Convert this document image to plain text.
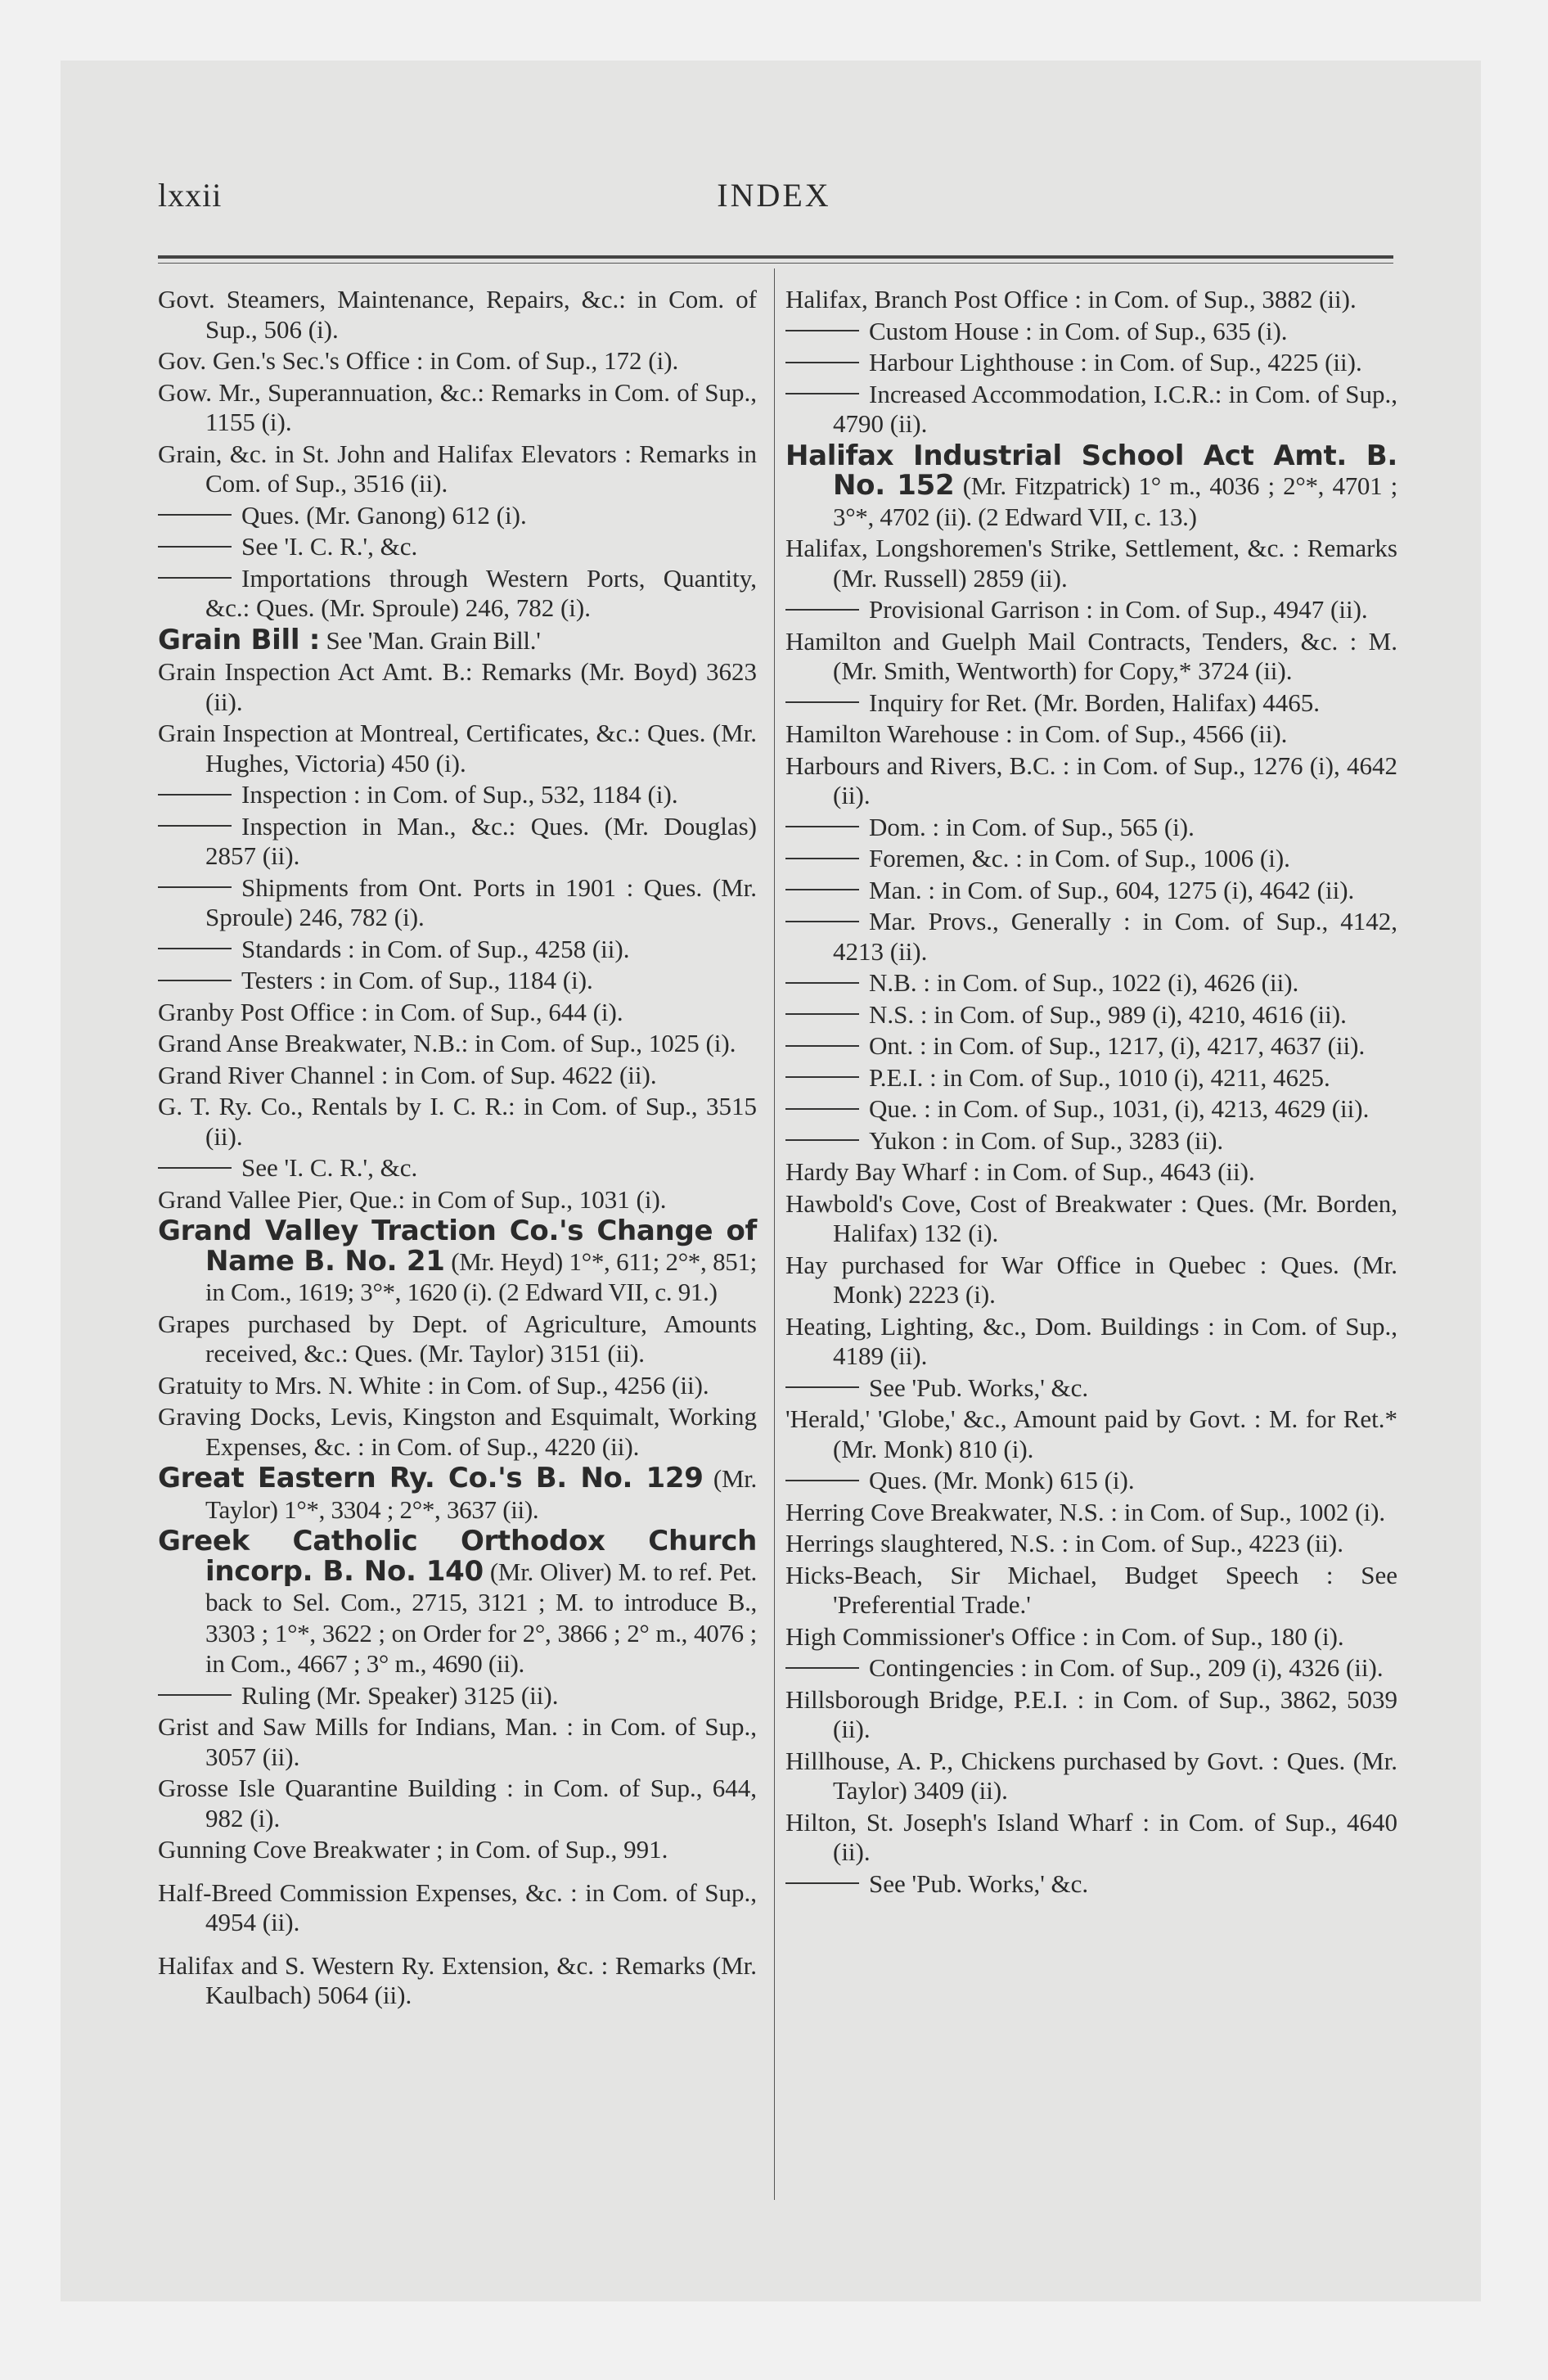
lxxii	INDEX
Govt. Steamers, Maintenance, Repairs, &c.: in Com. of Sup., 506 (i).
Gov. Gen.'s Sec.'s Office : in Com. of Sup., 172 (i).
Gow. Mr., Superannuation, &c.: Remarks in Com. of Sup., 1155 (i).
Grain, &c. in St. John and Halifax Elevators : Remarks in Com. of Sup., 3516 (ii).
Ques. (Mr. Ganong) 612 (i).
See 'I. C. R.', &c.
Importations through Western Ports, Quantity, &c.: Ques. (Mr. Sproule) 246, 782 (i).
Grain Bill : See 'Man. Grain Bill.'
Grain Inspection Act Amt. B.: Remarks (Mr. Boyd) 3623 (ii).
Grain Inspection at Montreal, Certificates, &c.: Ques. (Mr. Hughes, Victoria) 450 (i).
Inspection : in Com. of Sup., 532, 1184 (i).
Inspection in Man., &c.: Ques. (Mr. Douglas) 2857 (ii).
Shipments from Ont. Ports in 1901 : Ques. (Mr. Sproule) 246, 782 (i).
Standards : in Com. of Sup., 4258 (ii).
Testers : in Com. of Sup., 1184 (i).
Granby Post Office : in Com. of Sup., 644 (i).
Grand Anse Breakwater, N.B.: in Com. of Sup., 1025 (i).
Grand River Channel : in Com. of Sup. 4622 (ii).
G. T. Ry. Co., Rentals by I. C. R.: in Com. of Sup., 3515 (ii).
See 'I. C. R.', &c.
Grand Vallee Pier, Que.: in Com of Sup., 1031 (i).
Grand Valley Traction Co.'s Change of Name B. No. 21 (Mr. Heyd) 1°*, 611; 2°*, 851; in Com., 1619; 3°*, 1620 (i). (2 Edward VII, c. 91.)
Grapes purchased by Dept. of Agriculture, Amounts received, &c.: Ques. (Mr. Taylor) 3151 (ii).
Gratuity to Mrs. N. White : in Com. of Sup., 4256 (ii).
Graving Docks, Levis, Kingston and Esquimalt, Working Expenses, &c. : in Com. of Sup., 4220 (ii).
Great Eastern Ry. Co.'s B. No. 129 (Mr. Taylor) 1°*, 3304 ; 2°*, 3637 (ii).
Greek Catholic Orthodox Church incorp. B. No. 140 (Mr. Oliver) M. to ref. Pet. back to Sel. Com., 2715, 3121 ; M. to introduce B., 3303 ; 1°*, 3622 ; on Order for 2°, 3866 ; 2° m., 4076 ; in Com., 4667 ; 3° m., 4690 (ii).
Ruling (Mr. Speaker) 3125 (ii).
Grist and Saw Mills for Indians, Man. : in Com. of Sup., 3057 (ii).
Grosse Isle Quarantine Building : in Com. of Sup., 644, 982 (i).
Gunning Cove Breakwater ; in Com. of Sup., 991.
Half-Breed Commission Expenses, &c. : in Com. of Sup., 4954 (ii).
Halifax and S. Western Ry. Extension, &c. : Remarks (Mr. Kaulbach) 5064 (ii).
Halifax, Branch Post Office : in Com. of Sup., 3882 (ii).
Custom House : in Com. of Sup., 635 (i).
Harbour Lighthouse : in Com. of Sup., 4225 (ii).
Increased Accommodation, I.C.R.: in Com. of Sup., 4790 (ii).
Halifax Industrial School Act Amt. B. No. 152 (Mr. Fitzpatrick) 1° m., 4036 ; 2°*, 4701 ; 3°*, 4702 (ii). (2 Edward VII, c. 13.)
Halifax, Longshoremen's Strike, Settlement, &c. : Remarks (Mr. Russell) 2859 (ii).
Provisional Garrison : in Com. of Sup., 4947 (ii).
Hamilton and Guelph Mail Contracts, Tenders, &c. : M. (Mr. Smith, Wentworth) for Copy,* 3724 (ii).
Inquiry for Ret. (Mr. Borden, Halifax) 4465.
Hamilton Warehouse : in Com. of Sup., 4566 (ii).
Harbours and Rivers, B.C. : in Com. of Sup., 1276 (i), 4642 (ii).
Dom. : in Com. of Sup., 565 (i).
Foremen, &c. : in Com. of Sup., 1006 (i).
Man. : in Com. of Sup., 604, 1275 (i), 4642 (ii).
Mar. Provs., Generally : in Com. of Sup., 4142, 4213 (ii).
N.B. : in Com. of Sup., 1022 (i), 4626 (ii).
N.S. : in Com. of Sup., 989 (i), 4210, 4616 (ii).
Ont. : in Com. of Sup., 1217, (i), 4217, 4637 (ii).
P.E.I. : in Com. of Sup., 1010 (i), 4211, 4625.
Que. : in Com. of Sup., 1031, (i), 4213, 4629 (ii).
Yukon : in Com. of Sup., 3283 (ii).
Hardy Bay Wharf : in Com. of Sup., 4643 (ii).
Hawbold's Cove, Cost of Breakwater : Ques. (Mr. Borden, Halifax) 132 (i).
Hay purchased for War Office in Quebec : Ques. (Mr. Monk) 2223 (i).
Heating, Lighting, &c., Dom. Buildings : in Com. of Sup., 4189 (ii).
See 'Pub. Works,' &c.
'Herald,' 'Globe,' &c., Amount paid by Govt. : M. for Ret.* (Mr. Monk) 810 (i).
Ques. (Mr. Monk) 615 (i).
Herring Cove Breakwater, N.S. : in Com. of Sup., 1002 (i).
Herrings slaughtered, N.S. : in Com. of Sup., 4223 (ii).
Hicks-Beach, Sir Michael, Budget Speech : See 'Preferential Trade.'
High Commissioner's Office : in Com. of Sup., 180 (i).
Contingencies : in Com. of Sup., 209 (i), 4326 (ii).
Hillsborough Bridge, P.E.I. : in Com. of Sup., 3862, 5039 (ii).
Hillhouse, A. P., Chickens purchased by Govt. : Ques. (Mr. Taylor) 3409 (ii).
Hilton, St. Joseph's Island Wharf : in Com. of Sup., 4640 (ii).
See 'Pub. Works,' &c.
